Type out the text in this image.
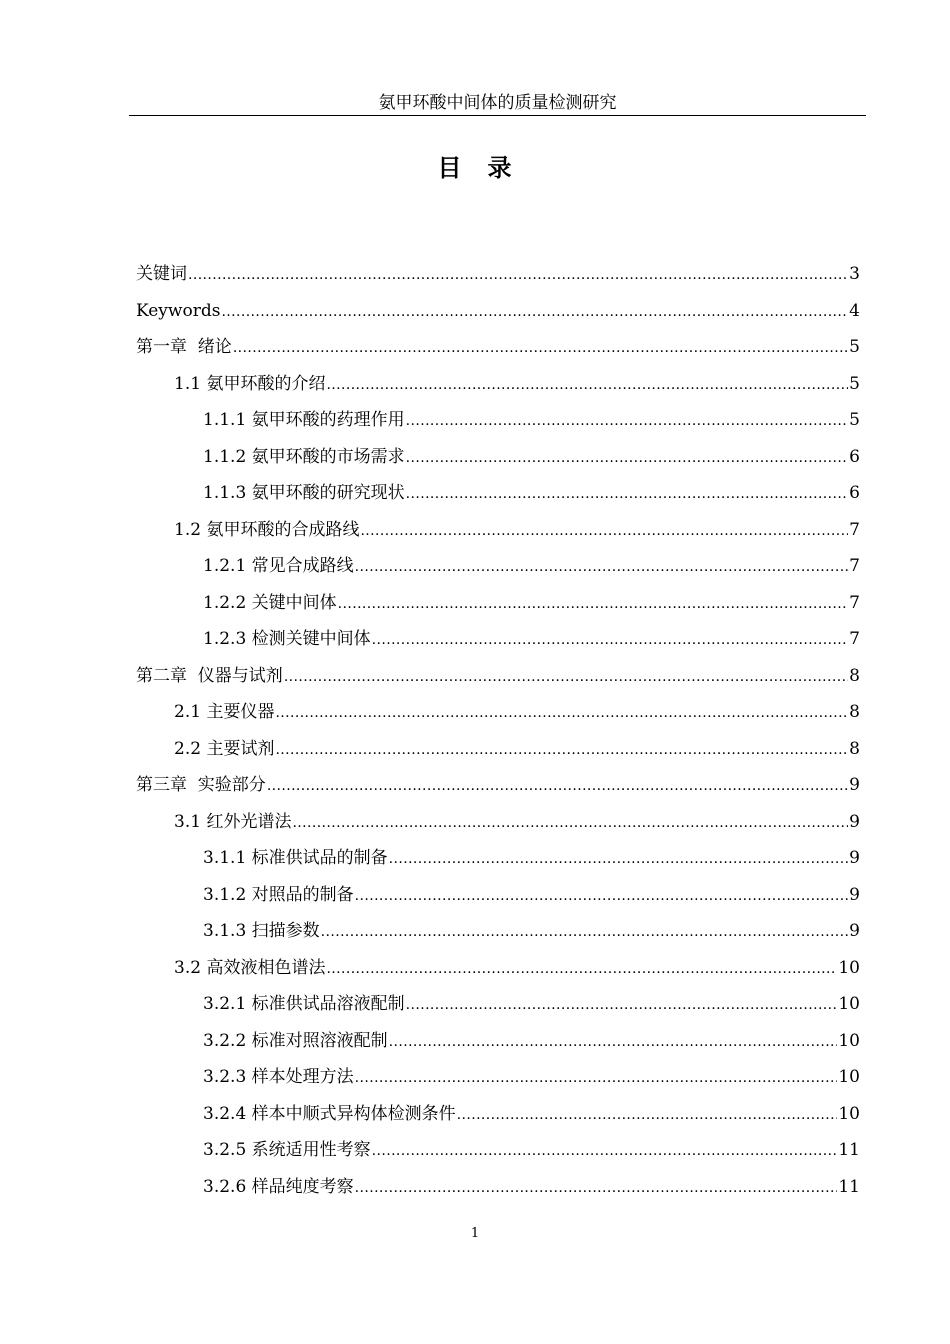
氨甲环酸中间体的质量检测研究
目　录
关键词 .....	3
Keywords .....	4
第一章  绪论 .....	5
1.1 氨甲环酸的介绍 .....	5
1.1.1 氨甲环酸的药理作用 .....	5
1.1.2 氨甲环酸的市场需求 .....	6
1.1.3 氨甲环酸的研究现状 .....	6
1.2 氨甲环酸的合成路线 .....	7
1.2.1 常见合成路线 .....	7
1.2.2 关键中间体 .....	7
1.2.3 检测关键中间体 .....	7
第二章  仪器与试剂 .....	8
2.1 主要仪器 .....	8
2.2 主要试剂 .....	8
第三章  实验部分 .....	9
3.1 红外光谱法 .....	9
3.1.1 标准供试品的制备 .....	9
3.1.2 对照品的制备 .....	9
3.1.3 扫描参数 .....	9
3.2 高效液相色谱法 .....	10
3.2.1 标准供试品溶液配制 .....	10
3.2.2 标准对照溶液配制 .....	10
3.2.3 样本处理方法 .....	10
3.2.4 样本中顺式异构体检测条件 .....	10
3.2.5 系统适用性考察 .....	11
3.2.6 样品纯度考察 .....	11
1
